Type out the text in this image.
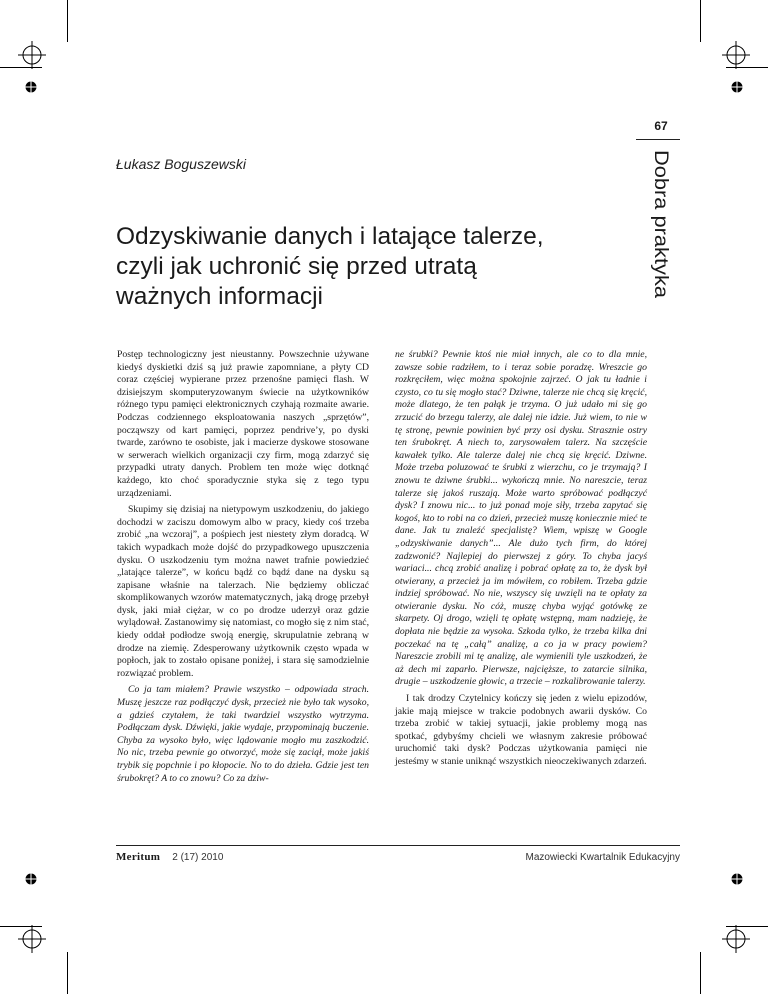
67
Dobra praktyka
Łukasz Boguszewski
Odzyskiwanie danych i latające talerze,
czyli jak uchronić się przed utratą
ważnych informacji

Postęp technologiczny jest nieustanny. Powszechnie używane kiedyś dyskietki dziś są już prawie zapomniane, a płyty CD coraz częściej wypierane przez przenośne pamięci flash. W dzisiejszym skomputeryzowanym świecie na użytkowników różnego typu pamięci elektronicznych czyhają rozmaite awarie. Podczas codziennego eksploatowania naszych „sprzętów”, począwszy od kart pamięci, poprzez pendrive’y, po dyski twarde, zarówno te osobiste, jak i macierze dyskowe stosowane w serwerach wielkich organizacji czy firm, mogą zdarzyć się przypadki utraty danych. Problem ten może więc dotknąć każdego, kto choć sporadycznie styka się z tego typu urządzeniami.

Skupimy się dzisiaj na nietypowym uszkodzeniu, do jakiego dochodzi w zaciszu domowym albo w pracy, kiedy coś trzeba zrobić „na wczoraj”, a pośpiech jest niestety złym doradcą. W takich wypadkach może dojść do przypadkowego upuszczenia dysku. O uszkodzeniu tym można nawet trafnie powiedzieć „latające talerze”, w końcu bądź co bądź dane na dysku są zapisane właśnie na talerzach. Nie będziemy obliczać skomplikowanych wzorów matematycznych, jaką drogę przebył dysk, jaki miał ciężar, w co po drodze uderzył oraz gdzie wylądował. Zastanowimy się natomiast, co mogło się z nim stać, kiedy oddał podłodze swoją energię, skrupulatnie zebraną w drodze na ziemię. Zdesperowany użytkownik często wpada w popłoch, jak to zostało opisane poniżej, i stara się samodzielnie rozwiązać problem.

Co ja tam miałem? Prawie wszystko – odpowiada strach. Muszę jeszcze raz podłączyć dysk, przecież nie było tak wysoko, a gdzieś czytałem, że taki twardziel wszystko wytrzyma. Podłączam dysk. Dźwięki, jakie wydaje, przypominają buczenie. Chyba za wysoko było, więc lądowanie mogło mu zaszkodzić. No nic, trzeba pewnie go otworzyć, może się zaciął, może jakiś trybik się popchnie i po kłopocie. No to do dzieła. Gdzie jest ten śrubokręt? A to co znowu? Co za dziw-

ne śrubki? Pewnie ktoś nie miał innych, ale co to dla mnie, zawsze sobie radziłem, to i teraz sobie poradzę. Wreszcie go rozkręciłem, więc można spokojnie zajrzeć. O jak tu ładnie i czysto, co tu się mogło stać? Dziwne, talerze nie chcą się kręcić, może dlatego, że ten pałąk je trzyma. O już udało mi się go zrzucić do brzegu talerzy, ale dalej nie idzie. Już wiem, to nie w tę stronę, pewnie powinien być przy osi dysku. Strasznie ostry ten śrubokręt. A niech to, zarysowałem talerz. Na szczęście kawałek tylko. Ale talerze dalej nie chcą się kręcić. Dziwne. Może trzeba poluzować te śrubki z wierzchu, co je trzymają? I znowu te dziwne śrubki... wykończą mnie. No nareszcie, teraz talerze się jakoś ruszają. Może warto spróbować podłączyć dysk? I znowu nic... to już ponad moje siły, trzeba zapytać się kogoś, kto to robi na co dzień, przecież muszę koniecznie mieć te dane. Jak tu znaleźć specjalistę? Wiem, wpiszę w Google „odzyskiwanie danych”... Ale dużo tych firm, do której zadzwonić? Najlepiej do pierwszej z góry. To chyba jacyś wariaci... chcą zrobić analizę i pobrać opłatę za to, że dysk był otwierany, a przecież ja im mówiłem, co robiłem. Trzeba gdzie indziej spróbować. No nie, wszyscy się uwzięli na te opłaty za otwieranie dysku. No cóż, muszę chyba wyjąć gotówkę ze skarpety. Oj drogo, wzięli tę opłatę wstępną, mam nadzieję, że dopłata nie będzie za wysoka. Szkoda tylko, że trzeba kilka dni poczekać na tę „całą” analizę, a co ja w pracy powiem? Nareszcie zrobili mi tę analizę, ale wymienili tyle uszkodzeń, że aż dech mi zaparło. Pierwsze, najcięższe, to zatarcie silnika, drugie – uszkodzenie głowic, a trzecie – rozkalibrowanie talerzy.

I tak drodzy Czytelnicy kończy się jeden z wielu epizodów, jakie mają miejsce w trakcie podobnych awarii dysków. Co trzeba zrobić w takiej sytuacji, jakie problemy mogą nas spotkać, gdybyśmy chcieli we własnym zakresie próbować uruchomić taki dysk? Podczas użytkowania pamięci nie jesteśmy w stanie uniknąć wszystkich nieoczekiwanych zdarzeń.

Meritum 2 (17) 2010	Mazowiecki Kwartalnik Edukacyjny
